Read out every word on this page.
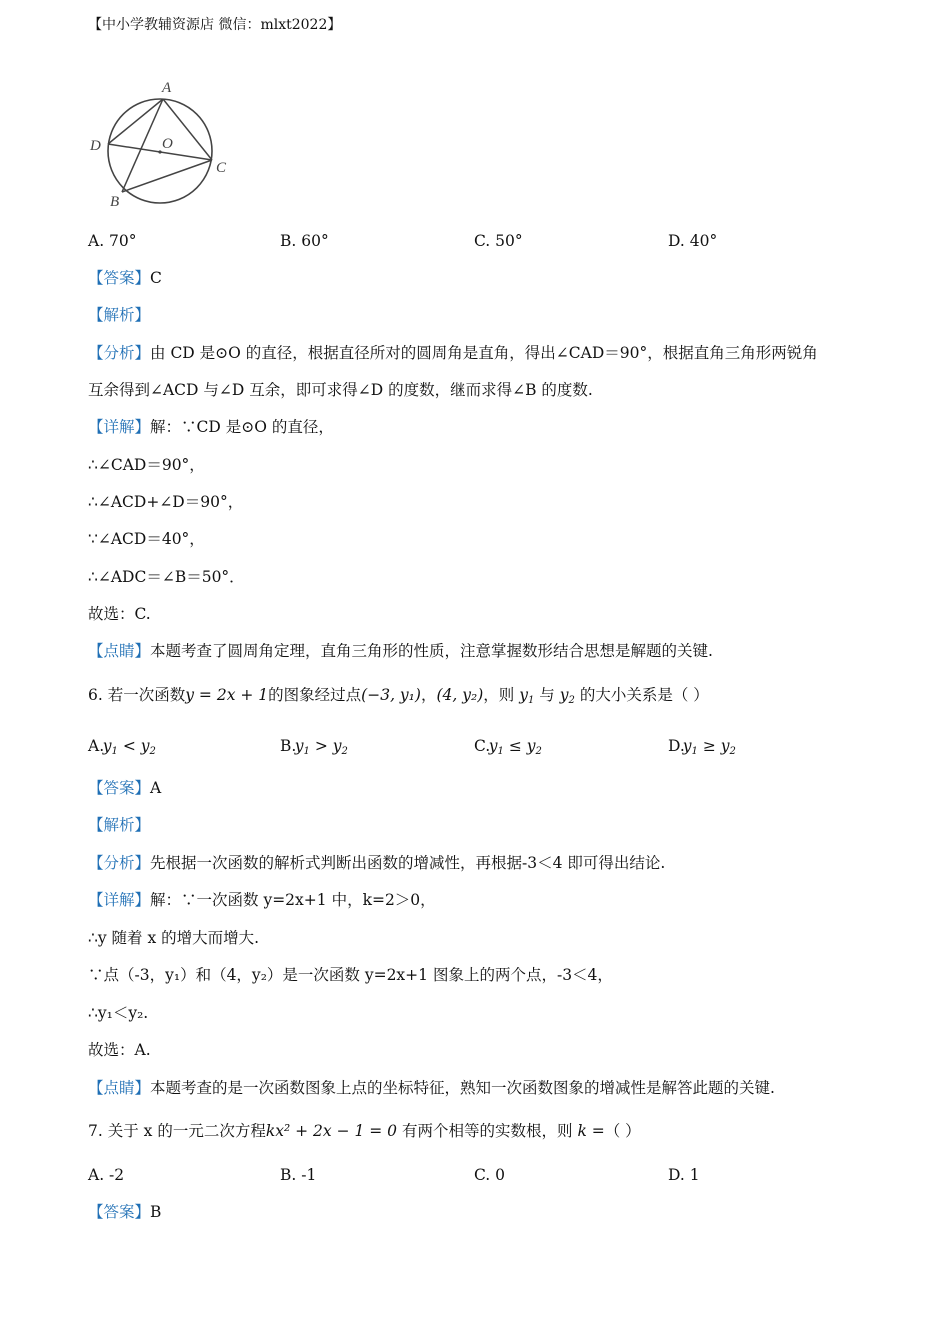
【中小学教辅资源店 微信：mlxt2022】
A
D	O
C
B
A. 70°	B. 60°	C. 50°	D. 40°
【答案】C
【解析】
【分析】由 CD 是⊙O 的直径，根据直径所对的圆周角是直角，得出∠CAD＝90°，根据直角三角形两锐角
互余得到∠ACD 与∠D 互余，即可求得∠D 的度数，继而求得∠B 的度数.
【详解】解：∵CD 是⊙O 的直径，
∴∠CAD＝90°，
∴∠ACD+∠D＝90°，
∵∠ACD＝40°，
∴∠ADC＝∠B＝50°．
故选：C.
【点睛】本题考查了圆周角定理，直角三角形的性质，注意掌握数形结合思想是解题的关键.
6. 若一次函数y = 2x + 1的图象经过点(−3, y₁)，(4, y₂)，则 $y_1$ 与 $y_2$ 的大小关系是（ ）
A.
$y_1 < y_2$	B.
$y_1 > y_2$	C.
$y_1 \le y_2$	D.
$y_1 \ge y_2$
【答案】A
【解析】
【分析】先根据一次函数的解析式判断出函数的增减性，再根据-3＜4 即可得出结论.
【详解】解：∵一次函数 y=2x+1 中，k=2＞0，
∴y 随着 x 的增大而增大.
∵点（-3，y₁）和（4，y₂）是一次函数 y=2x+1 图象上的两个点，-3＜4，
∴y₁＜y₂.
故选：A.
【点睛】本题考查的是一次函数图象上点的坐标特征，熟知一次函数图象的增减性是解答此题的关键.
7. 关于 x 的一元二次方程kx² + 2x − 1 = 0 有两个相等的实数根，则 k =（ ）
A. -2	B. -1	C. 0	D. 1
【答案】B
